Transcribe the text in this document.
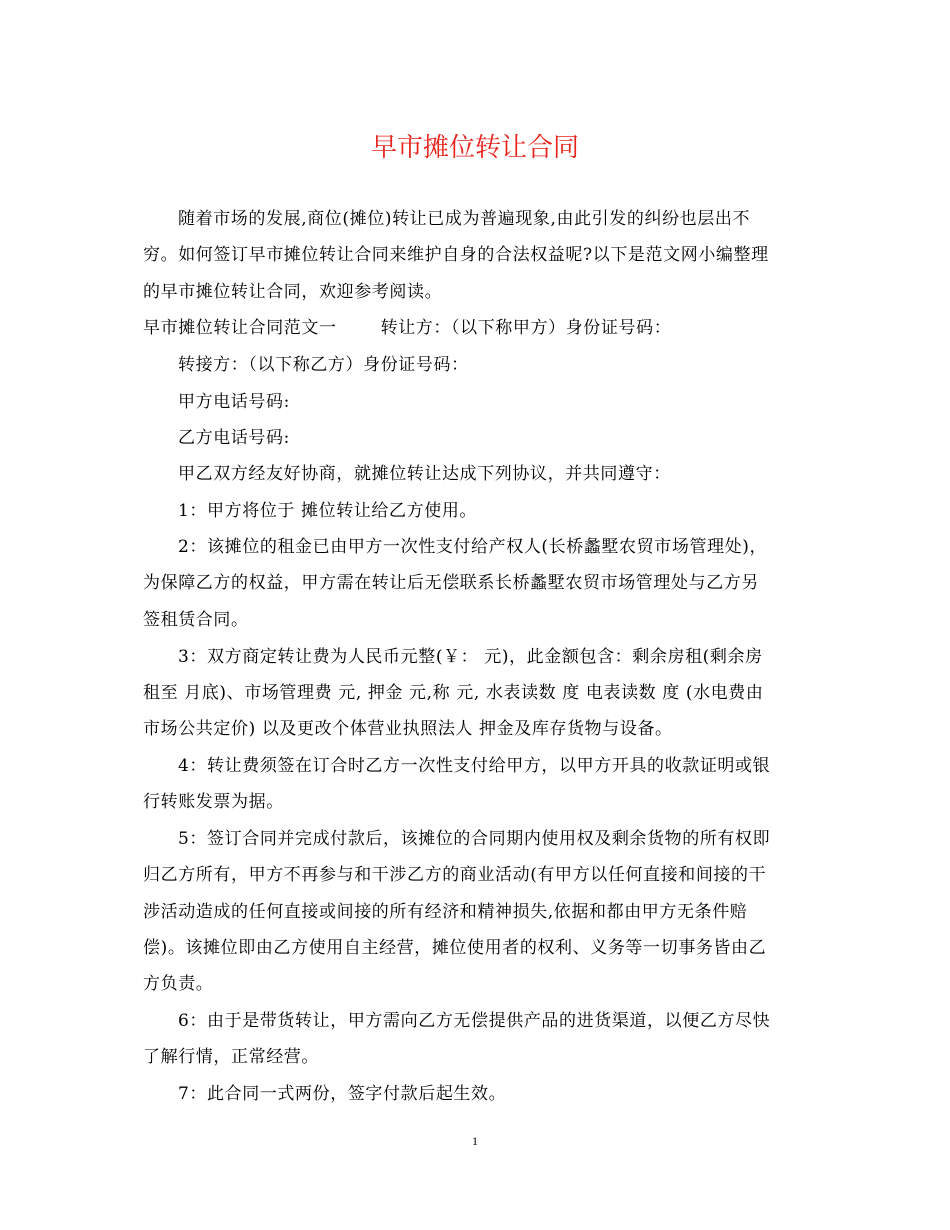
早市摊位转让合同
随着市场的发展,商位(摊位)转让已成为普遍现象,由此引发的纠纷也层出不
穷。如何签订早市摊位转让合同来维护自身的合法权益呢?以下是范文网小编整理
的早市摊位转让合同，欢迎参考阅读。
早市摊位转让合同范文一	转让方：（以下称甲方）身份证号码：
转接方：（以下称乙方）身份证号码：
甲方电话号码:
乙方电话号码:
甲乙双方经友好协商，就摊位转让达成下列协议，并共同遵守：
1：甲方将位于 摊位转让给乙方使用。
2：该摊位的租金已由甲方一次性支付给产权人(长桥蠡墅农贸市场管理处)，
为保障乙方的权益，甲方需在转让后无偿联系长桥蠡墅农贸市场管理处与乙方另
签租赁合同。
3：双方商定转让费为人民币元整(￥： 元)，此金额包含：剩余房租(剩余房
租至 月底)、市场管理费 元, 押金 元,称 元, 水表读数 度 电表读数 度 (水电费由
市场公共定价) 以及更改个体营业执照法人 押金及库存货物与设备。
4：转让费须签在订合时乙方一次性支付给甲方，以甲方开具的收款证明或银
行转账发票为据。
5：签订合同并完成付款后，该摊位的合同期内使用权及剩余货物的所有权即
归乙方所有，甲方不再参与和干涉乙方的商业活动(有甲方以任何直接和间接的干
涉活动造成的任何直接或间接的所有经济和精神损失,依据和都由甲方无条件赔
偿)。该摊位即由乙方使用自主经营，摊位使用者的权利、义务等一切事务皆由乙
方负责。
6：由于是带货转让，甲方需向乙方无偿提供产品的进货渠道，以便乙方尽快
了解行情，正常经营。
7：此合同一式两份，签字付款后起生效。
1
